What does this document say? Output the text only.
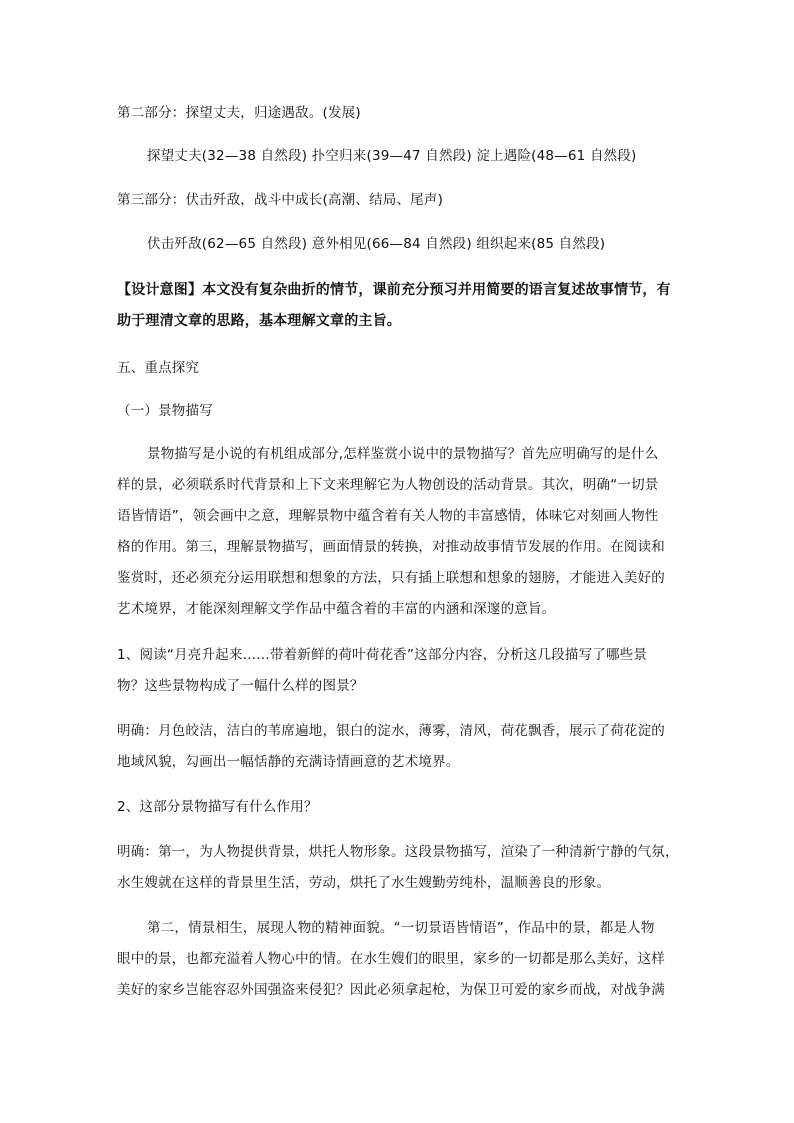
第二部分：探望丈夫，归途遇敌。(发展)
探望丈夫(32—38 自然段) 扑空归来(39—47 自然段) 淀上遇险(48—61 自然段)
第三部分：伏击歼敌，战斗中成长(高潮、结局、尾声)
伏击歼敌(62—65 自然段) 意外相见(66—84 自然段) 组织起来(85 自然段)
【设计意图】本文没有复杂曲折的情节，课前充分预习并用简要的语言复述故事情节，有
助于理清文章的思路，基本理解文章的主旨。
五、重点探究
（一）景物描写
景物描写是小说的有机组成部分,怎样鉴赏小说中的景物描写？首先应明确写的是什么
样的景，必须联系时代背景和上下文来理解它为人物创设的活动背景。其次，明确“一切景
语皆情语”，领会画中之意，理解景物中蕴含着有关人物的丰富感情，体味它对刻画人物性
格的作用。第三，理解景物描写，画面情景的转换，对推动故事情节发展的作用。在阅读和
鉴赏时，还必须充分运用联想和想象的方法，只有插上联想和想象的翅膀，才能进入美好的
艺术境界，才能深刻理解文学作品中蕴含着的丰富的内涵和深邃的意旨。
1、阅读“月亮升起来……带着新鲜的荷叶荷花香”这部分内容，分析这几段描写了哪些景
物？这些景物构成了一幅什么样的图景？
明确：月色皎洁，洁白的苇席遍地，银白的淀水，薄雾，清风，荷花飘香，展示了荷花淀的
地域风貌，勾画出一幅恬静的充满诗情画意的艺术境界。
2、这部分景物描写有什么作用？
明确：第一，为人物提供背景，烘托人物形象。这段景物描写，渲染了一种清新宁静的气氛，
水生嫂就在这样的背景里生活，劳动，烘托了水生嫂勤劳纯朴，温顺善良的形象。
第二，情景相生，展现人物的精神面貌。“一切景语皆情语”，作品中的景，都是人物
眼中的景，也都充溢着人物心中的情。在水生嫂们的眼里，家乡的一切都是那么美好，这样
美好的家乡岂能容忍外国强盗来侵犯？因此必须拿起枪，为保卫可爱的家乡而战，对战争满
